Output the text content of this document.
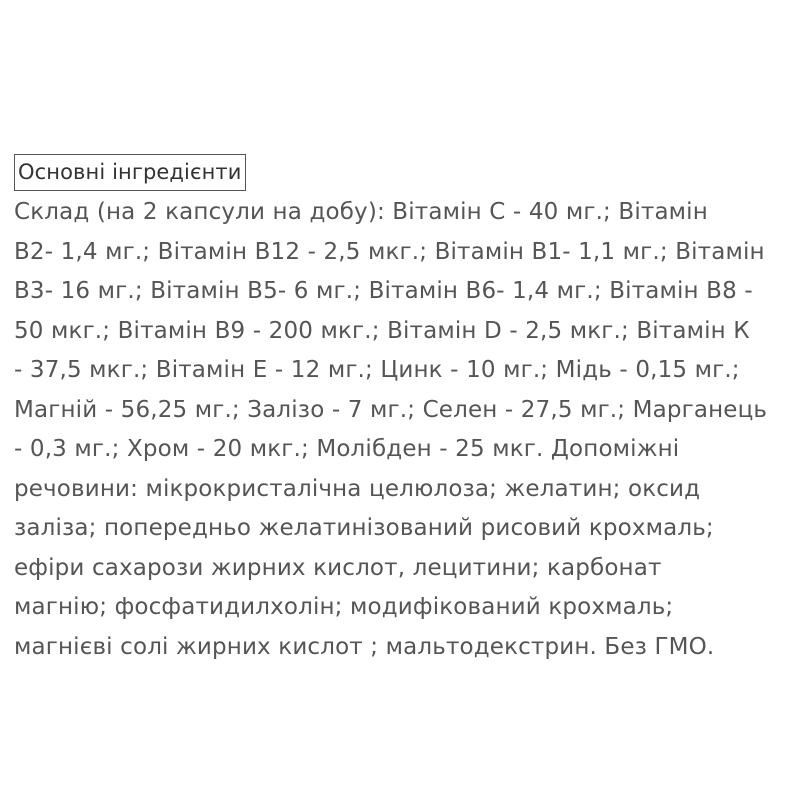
Основні інгредієнти
Склад (на 2 капсули на добу): Вітамін С - 40 мг.; Вітамін
В2- 1,4 мг.; Вітамін В12 - 2,5 мкг.; Вітамін В1- 1,1 мг.; Вітамін
В3- 16 мг.; Вітамін В5- 6 мг.; Вітамін В6- 1,4 мг.; Вітамін В8 -
50 мкг.; Вітамін В9 - 200 мкг.; Вітамін D - 2,5 мкг.; Вітамін К
- 37,5 мкг.; Вітамін Е - 12 мг.; Цинк - 10 мг.; Мідь - 0,15 мг.;
Магній - 56,25 мг.; Залізо - 7 мг.; Селен - 27,5 мг.; Марганець
- 0,3 мг.; Хром - 20 мкг.; Молібден - 25 мкг. Допоміжні
речовини: мікрокристалічна целюлоза; желатин; оксид
заліза; попередньо желатинізований рисовий крохмаль;
ефіри сахарози жирних кислот, лецитини; карбонат
магнію; фосфатидилхолін; модифікований крохмаль;
магнієві солі жирних кислот ; мальтодекстрин. Без ГМО.
